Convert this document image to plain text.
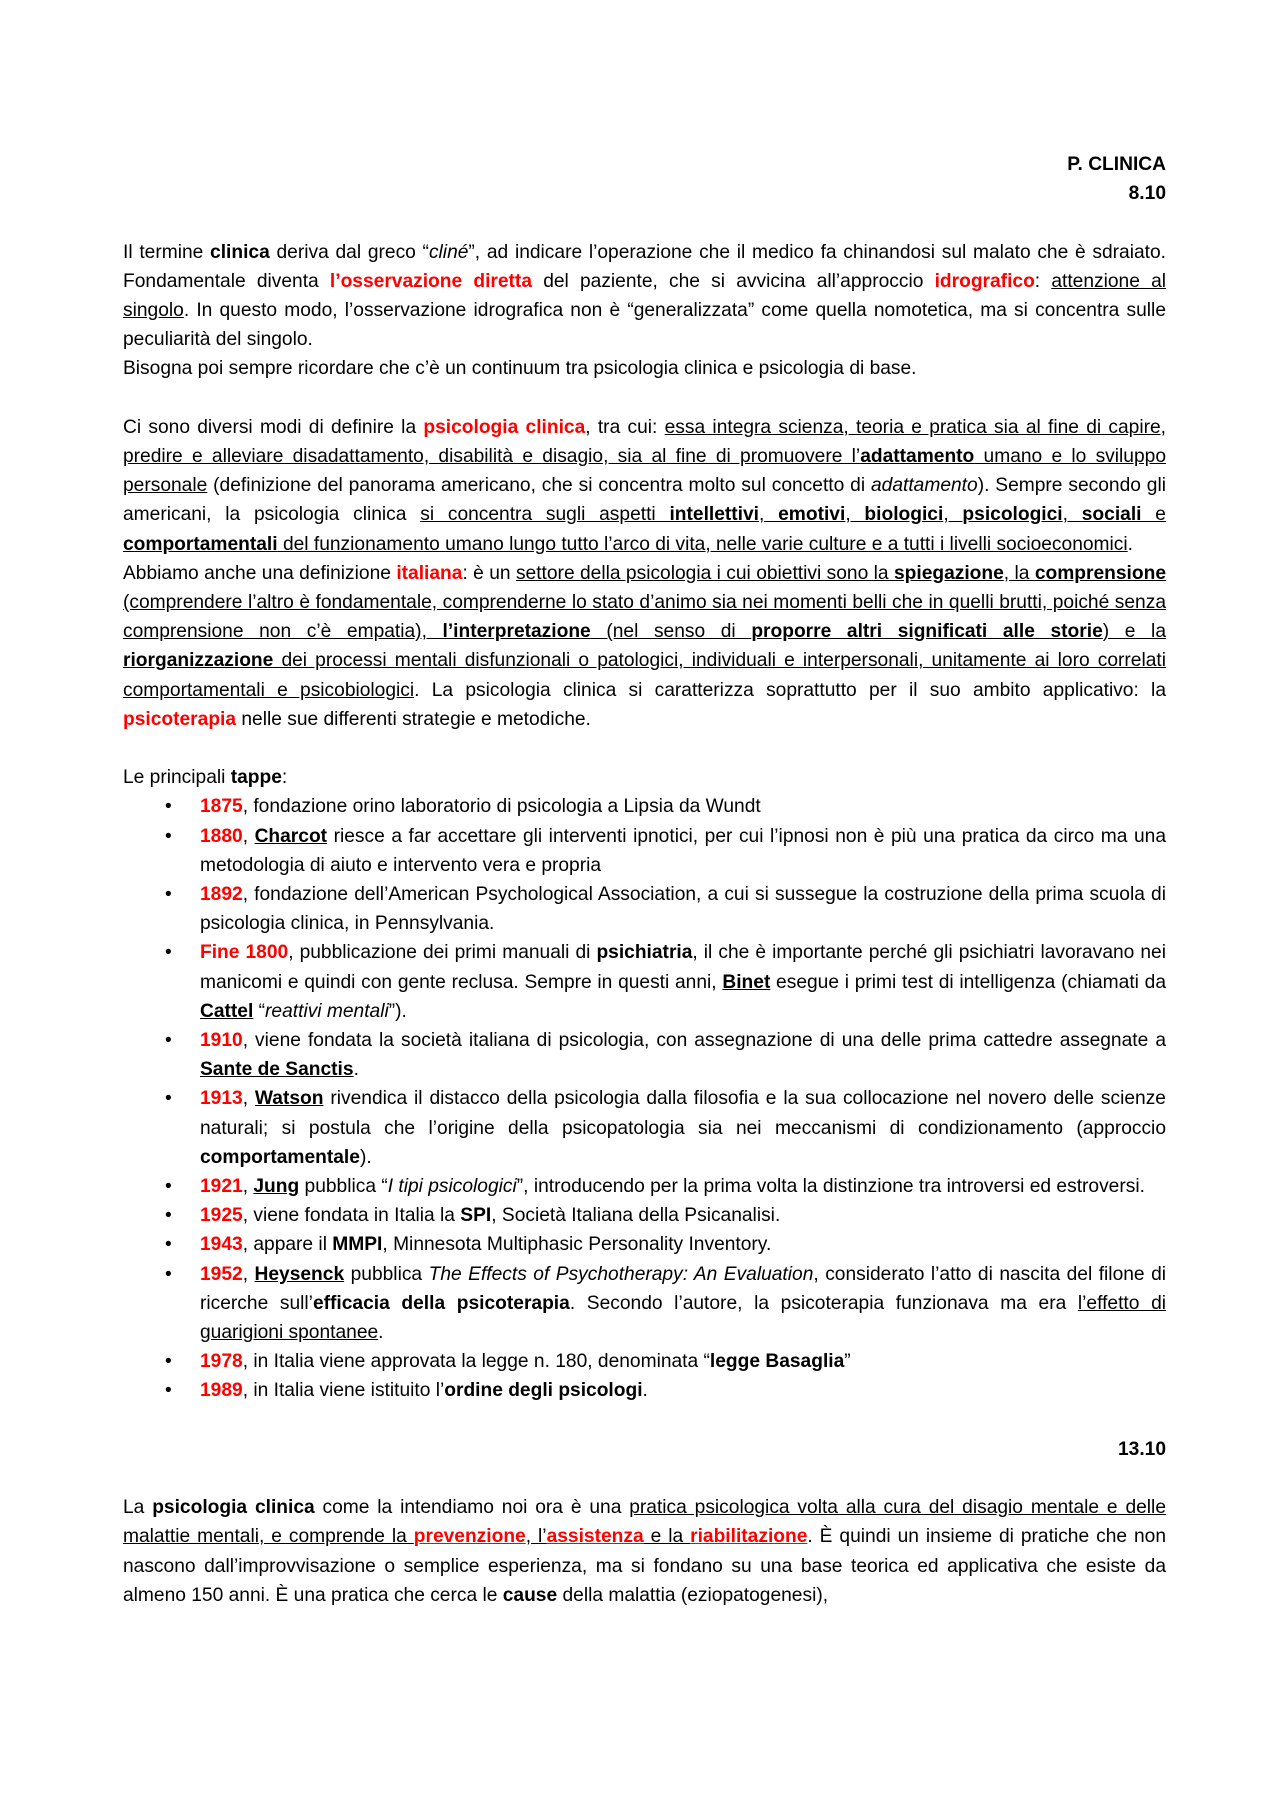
P. CLINICA
8.10

Il termine clinica deriva dal greco “cliné”, ad indicare l’operazione che il medico fa chinandosi sul malato che è sdraiato. Fondamentale diventa l’osservazione diretta del paziente, che si avvicina all’approccio idrografico: attenzione al singolo. In questo modo, l’osservazione idrografica non è “generalizzata” come quella nomotetica, ma si concentra sulle peculiarità del singolo.

Bisogna poi sempre ricordare che c’è un continuum tra psicologia clinica e psicologia di base.

Ci sono diversi modi di definire la psicologia clinica, tra cui: essa integra scienza, teoria e pratica sia al fine di capire, predire e alleviare disadattamento, disabilità e disagio, sia al fine di promuovere l’adattamento umano e lo sviluppo personale (definizione del panorama americano, che si concentra molto sul concetto di adattamento). Sempre secondo gli americani, la psicologia clinica si concentra sugli aspetti intellettivi, emotivi, biologici, psicologici, sociali e comportamentali del funzionamento umano lungo tutto l’arco di vita, nelle varie culture e a tutti i livelli socioeconomici.

Abbiamo anche una definizione italiana: è un settore della psicologia i cui obiettivi sono la spiegazione, la comprensione (comprendere l’altro è fondamentale, comprenderne lo stato d’animo sia nei momenti belli che in quelli brutti, poiché senza comprensione non c’è empatia), l’interpretazione (nel senso di proporre altri significati alle storie) e la riorganizzazione dei processi mentali disfunzionali o patologici, individuali e interpersonali, unitamente ai loro correlati comportamentali e psicobiologici. La psicologia clinica si caratterizza soprattutto per il suo ambito applicativo: la psicoterapia nelle sue differenti strategie e metodiche.

Le principali tappe:

• 1875, fondazione orino laboratorio di psicologia a Lipsia da Wundt
• 1880, Charcot riesce a far accettare gli interventi ipnotici, per cui l’ipnosi non è più una pratica da circo ma una metodologia di aiuto e intervento vera e propria
• 1892, fondazione dell’American Psychological Association, a cui si sussegue la costruzione della prima scuola di psicologia clinica, in Pennsylvania.
• Fine 1800, pubblicazione dei primi manuali di psichiatria, il che è importante perché gli psichiatri lavoravano nei manicomi e quindi con gente reclusa. Sempre in questi anni, Binet esegue i primi test di intelligenza (chiamati da Cattel “reattivi mentali”).
• 1910, viene fondata la società italiana di psicologia, con assegnazione di una delle prima cattedre assegnate a Sante de Sanctis.
• 1913, Watson rivendica il distacco della psicologia dalla filosofia e la sua collocazione nel novero delle scienze naturali; si postula che l’origine della psicopatologia sia nei meccanismi di condizionamento (approccio comportamentale).
• 1921, Jung pubblica “I tipi psicologici”, introducendo per la prima volta la distinzione tra introversi ed estroversi.
• 1925, viene fondata in Italia la SPI, Società Italiana della Psicanalisi.
• 1943, appare il MMPI, Minnesota Multiphasic Personality Inventory.
• 1952, Heysenck pubblica The Effects of Psychotherapy: An Evaluation, considerato l’atto di nascita del filone di ricerche sull’efficacia della psicoterapia. Secondo l’autore, la psicoterapia funzionava ma era l’effetto di guarigioni spontanee.
• 1978, in Italia viene approvata la legge n. 180, denominata “legge Basaglia”
• 1989, in Italia viene istituito l’ordine degli psicologi.
13.10

La psicologia clinica come la intendiamo noi ora è una pratica psicologica volta alla cura del disagio mentale e delle malattie mentali, e comprende la prevenzione, l’assistenza e la riabilitazione. È quindi un insieme di pratiche che non nascono dall’improvvisazione o semplice esperienza, ma si fondano su una base teorica ed applicativa che esiste da almeno 150 anni. È una pratica che cerca le cause della malattia (eziopatogenesi),
